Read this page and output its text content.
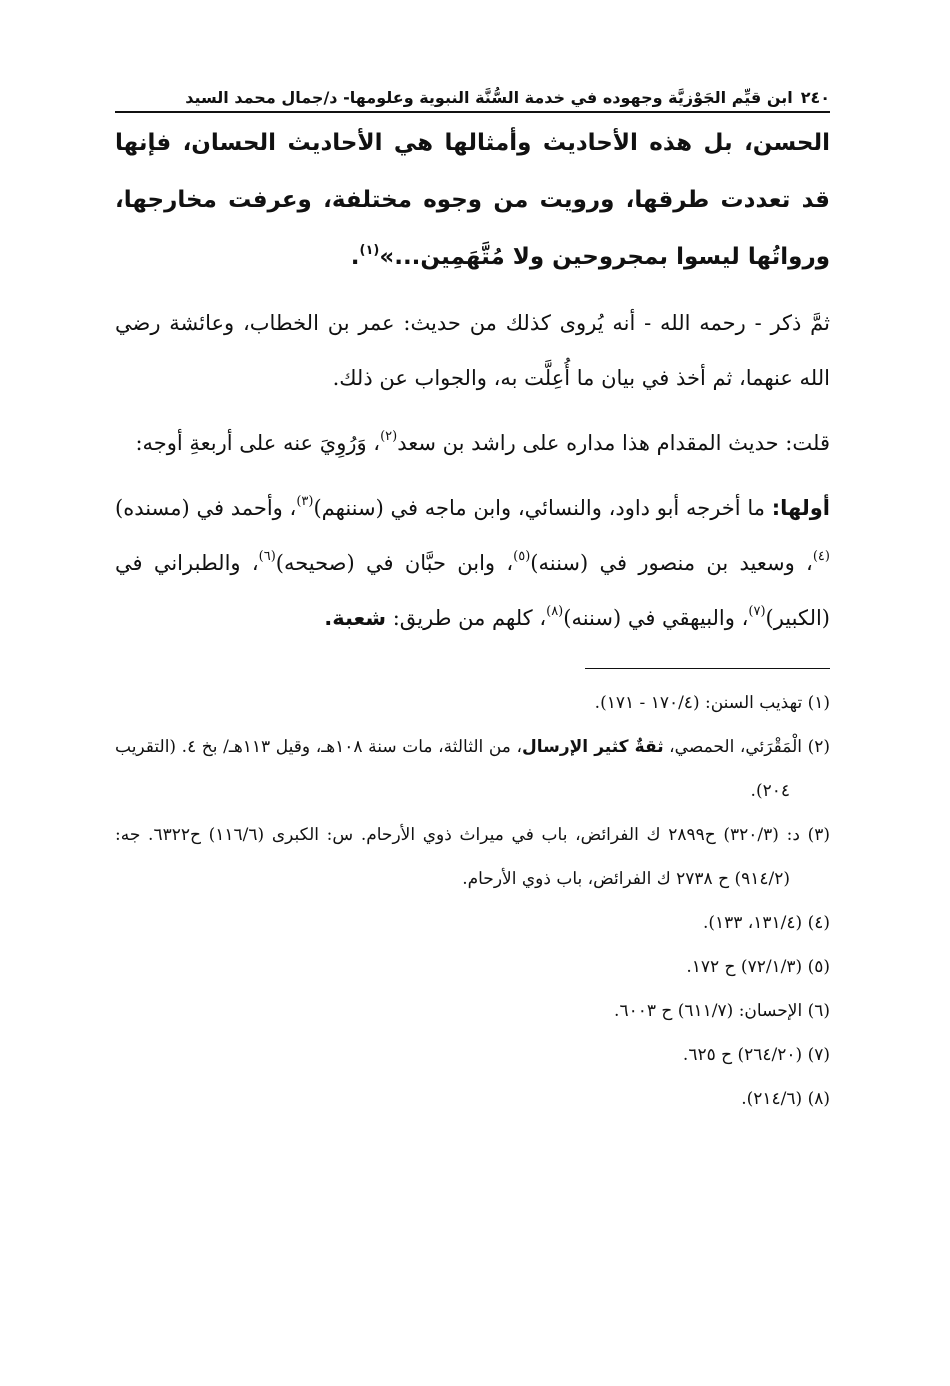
٢٤٠
ابن قيِّم الجَوْزيَّة وجهوده في خدمة السُّنَّة النبوية وعلومها- د/جمال محمد السيد
الحسن، بل هذه الأحاديث وأمثالها هي الأحاديث الحسان، فإنها قد تعددت طرقها، ورويت من وجوه مختلفة، وعرفت مخارجها، ورواتُها ليسوا بمجروحين ولا مُتَّهَمِين...»$^{(١)}$.
ثمَّ ذكر - رحمه الله - أنه يُروى كذلك من حديث: عمر بن الخطاب، وعائشة رضي الله عنهما، ثم أخذ في بيان ما أُعِلَّت به، والجواب عن ذلك.
قلت: حديث المقدام هذا مداره على راشد بن سعد$^{(٢)}$، وَرُوِيَ عنه على أربعةِ أوجه:
أولها: ما أخرجه أبو داود، والنسائي، وابن ماجه في (سننهم)$^{(٣)}$، وأحمد في (مسنده)$^{(٤)}$، وسعيد بن منصور في (سننه)$^{(٥)}$، وابن حبَّان في (صحيحه)$^{(٦)}$، والطبراني في (الكبير)$^{(٧)}$، والبيهقي في (سننه)$^{(٨)}$، كلهم من طريق: شعبة.
(١) تهذيب السنن: (١٧٠/٤ - ١٧١).
(٢) الْمَقْرَئي، الحمصي، ثقةٌ كثير الإرسال، من الثالثة، مات سنة ١٠٨هـ، وقيل ١١٣هـ/ بخ ٤. (التقريب ٢٠٤).
(٣) د: (٣٢٠/٣) ح٢٨٩٩ ك الفرائض، باب في ميراث ذوي الأرحام. س: الكبرى (١١٦/٦) ح٦٣٢٢. جه: (٩١٤/٢) ح ٢٧٣٨ ك الفرائض، باب ذوي الأرحام.
(٤) (١٣١/٤، ١٣٣).
(٥) (٧٢/١/٣) ح ١٧٢.
(٦) الإحسان: (٦١١/٧) ح ٦٠٠٣.
(٧) (٢٦٤/٢٠) ح ٦٢٥.
(٨) (٢١٤/٦).
